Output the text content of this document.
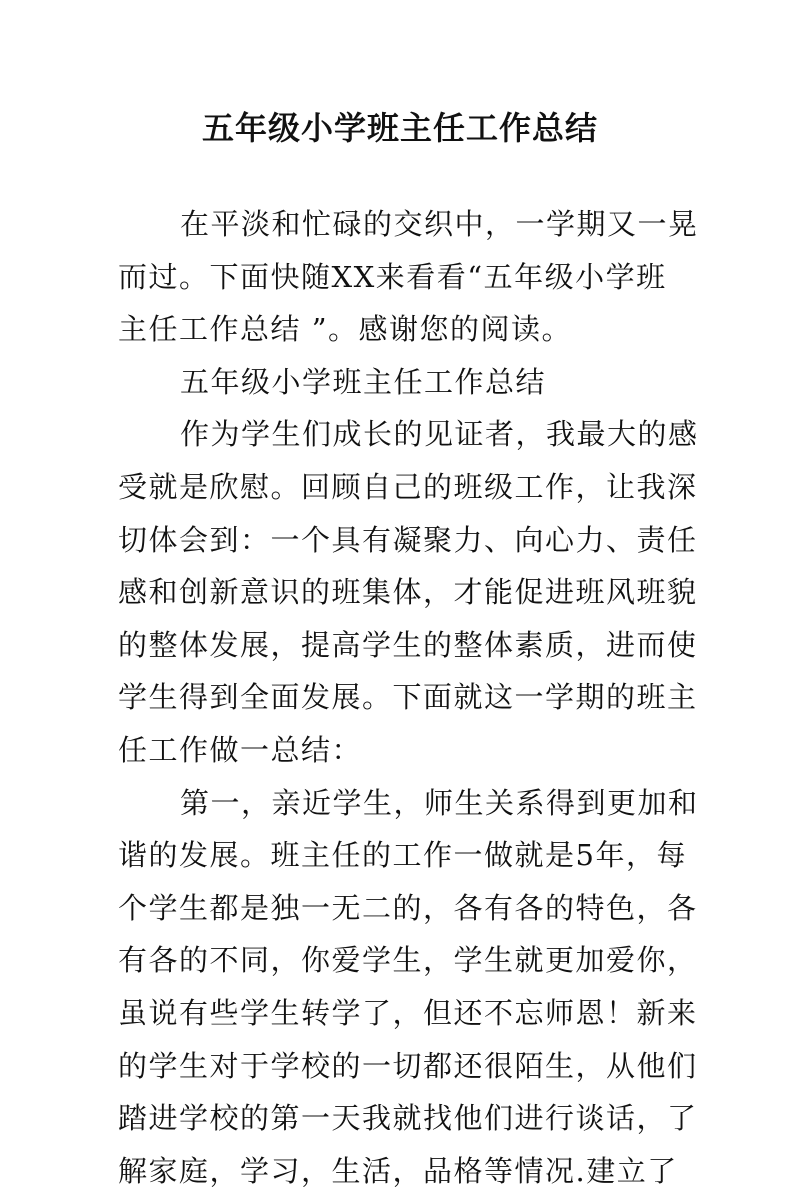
五年级小学班主任工作总结
在平淡和忙碌的交织中，一学期又一晃
而过。下面快随XX来看看“五年级小学班
主任工作总结 ”。感谢您的阅读。
五年级小学班主任工作总结
作为学生们成长的见证者，我最大的感
受就是欣慰。回顾自己的班级工作，让我深
切体会到：一个具有凝聚力、向心力、责任
感和创新意识的班集体，才能促进班风班貌
的整体发展，提高学生的整体素质，进而使
学生得到全面发展。下面就这一学期的班主
任工作做一总结：
第一，亲近学生，师生关系得到更加和
谐的发展。班主任的工作一做就是5年，每
个学生都是独一无二的，各有各的特色，各
有各的不同，你爱学生，学生就更加爱你，
虽说有些学生转学了，但还不忘师恩！新来
的学生对于学校的一切都还很陌生，从他们
踏进学校的第一天我就找他们进行谈话，了
解家庭，学习，生活，品格等情况.建立了
